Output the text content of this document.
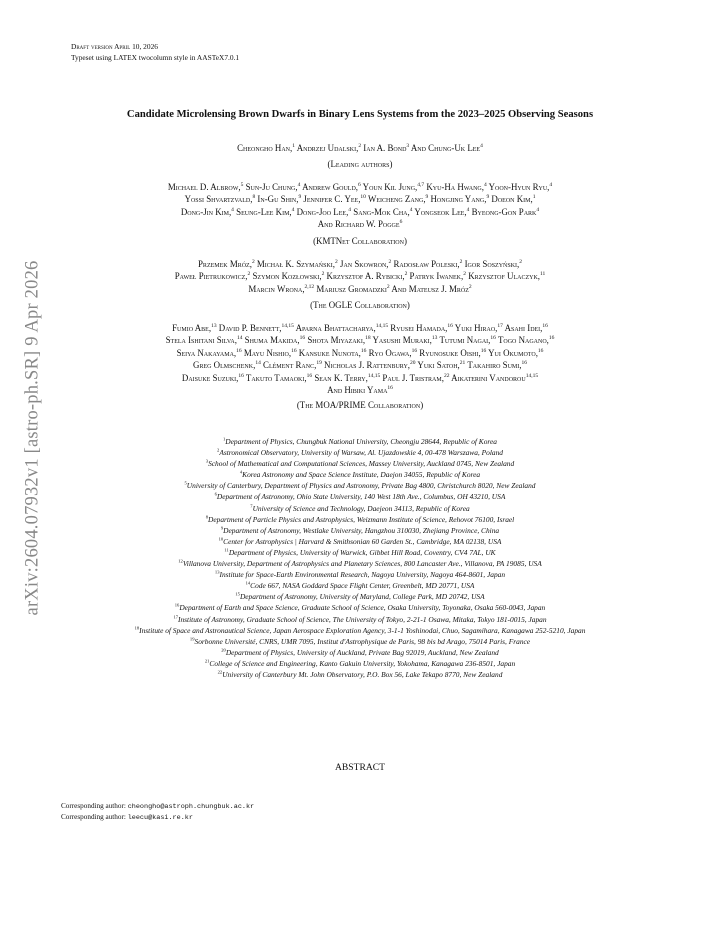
arXiv:2604.07932v1 [astro-ph.SR] 9 Apr 2026
Draft version April 10, 2026
Typeset using LATEX twocolumn style in AASTeX7.0.1
Candidate Microlensing Brown Dwarfs in Binary Lens Systems from the 2023–2025 Observing Seasons
Cheongho Han,$^1$ Andrzej Udalski,$^2$ Ian A. Bond$^3$ And Chung-Uk Lee$^4$
(Leading authors)
Michael D. Albrow,$^5$ Sun-Ju Chung,$^4$ Andrew Gould,$^6$ Youn Kil Jung,$^{4,7}$ Kyu-Ha Hwang,$^4$ Yoon-Hyun Ryu,$^4$
Yossi Shvartzvald,$^8$ In-Gu Shin,$^9$ Jennifer C. Yee,$^{10}$ Weicheng Zang,$^9$ Hongjing Yang,$^9$ Doeon Kim,$^1$
Dong-Jin Kim,$^4$ Seung-Lee Kim,$^4$ Dong-Joo Lee,$^4$ Sang-Mok Cha,$^4$ Yongseok Lee,$^4$ Byeong-Gon Park$^4$
And Richard W. Pogge$^6$
(KMTNet Collaboration)
Przemek Mróz,$^2$ Michał K. Szymański,$^2$ Jan Skowron,$^2$ Radosław Poleski,$^2$ Igor Soszyński,$^2$
Paweł Pietrukowicz,$^2$ Szymon Kozłowski,$^2$ Krzysztof A. Rybicki,$^2$ Patryk Iwanek,$^2$ Krzysztof Ulaczyk,$^{11}$
Marcin Wrona,$^{2,12}$ Mariusz Gromadzki$^2$ And Mateusz J. Mróz$^2$
(The OGLE Collaboration)
Fumio Abe,$^{13}$ David P. Bennett,$^{14,15}$ Aparna Bhattacharya,$^{14,15}$ Ryusei Hamada,$^{16}$ Yuki Hirao,$^{17}$ Asahi Idei,$^{16}$
Stela Ishitani Silva,$^{14}$ Shuma Makida,$^{16}$ Shota Miyazaki,$^{18}$ Yasushi Muraki,$^{13}$ Tutumi Nagai,$^{16}$ Togo Nagano,$^{16}$
Seiya Nakayama,$^{16}$ Mayu Nishio,$^{16}$ Kansuke Nunota,$^{16}$ Ryo Ogawa,$^{16}$ Ryunosuke Oishi,$^{16}$ Yui Okumoto,$^{16}$
Greg Olmschenk,$^{14}$ Clément Ranc,$^{19}$ Nicholas J. Rattenbury,$^{20}$ Yuki Satoh,$^{21}$ Takahiro Sumi,$^{16}$
Daisuke Suzuki,$^{16}$ Takuto Tamaoki,$^{16}$ Sean K. Terry,$^{14,15}$ Paul J. Tristram,$^{22}$ Aikaterini Vandorou$^{14,15}$
And Hibiki Yama$^{16}$
(The MOA/PRIME Collaboration)
$^1$Department of Physics, Chungbuk National University, Cheongju 28644, Republic of Korea
$^2$Astronomical Observatory, University of Warsaw, Al. Ujazdowskie 4, 00-478 Warszawa, Poland
$^3$School of Mathematical and Computational Sciences, Massey University, Auckland 0745, New Zealand
$^4$Korea Astronomy and Space Science Institute, Daejon 34055, Republic of Korea
$^5$University of Canterbury, Department of Physics and Astronomy, Private Bag 4800, Christchurch 8020, New Zealand
$^6$Department of Astronomy, Ohio State University, 140 West 18th Ave., Columbus, OH 43210, USA
$^7$University of Science and Technology, Daejeon 34113, Republic of Korea
$^8$Department of Particle Physics and Astrophysics, Weizmann Institute of Science, Rehovot 76100, Israel
$^9$Department of Astronomy, Westlake University, Hangzhou 310030, Zhejiang Province, China
$^{10}$Center for Astrophysics | Harvard & Smithsonian 60 Garden St., Cambridge, MA 02138, USA
$^{11}$Department of Physics, University of Warwick, Gibbet Hill Road, Coventry, CV4 7AL, UK
$^{12}$Villanova University, Department of Astrophysics and Planetary Sciences, 800 Lancaster Ave., Villanova, PA 19085, USA
$^{13}$Institute for Space-Earth Environmental Research, Nagoya University, Nagoya 464-8601, Japan
$^{14}$Code 667, NASA Goddard Space Flight Center, Greenbelt, MD 20771, USA
$^{15}$Department of Astronomy, University of Maryland, College Park, MD 20742, USA
$^{16}$Department of Earth and Space Science, Graduate School of Science, Osaka University, Toyonaka, Osaka 560-0043, Japan
$^{17}$Institute of Astronomy, Graduate School of Science, The University of Tokyo, 2-21-1 Osawa, Mitaka, Tokyo 181-0015, Japan
$^{18}$Institute of Space and Astronautical Science, Japan Aerospace Exploration Agency, 3-1-1 Yoshinodai, Chuo, Sagamihara, Kanagawa 252-5210, Japan
$^{19}$Sorbonne Université, CNRS, UMR 7095, Institut d'Astrophysique de Paris, 98 bis bd Arago, 75014 Paris, France
$^{20}$Department of Physics, University of Auckland, Private Bag 92019, Auckland, New Zealand
$^{21}$College of Science and Engineering, Kanto Gakuin University, Yokohama, Kanagawa 236-8501, Japan
$^{22}$University of Canterbury Mt. John Observatory, P.O. Box 56, Lake Tekapo 8770, New Zealand
ABSTRACT
Corresponding author: cheongho@astroph.chungbuk.ac.kr
Corresponding author: leecu@kasi.re.kr
